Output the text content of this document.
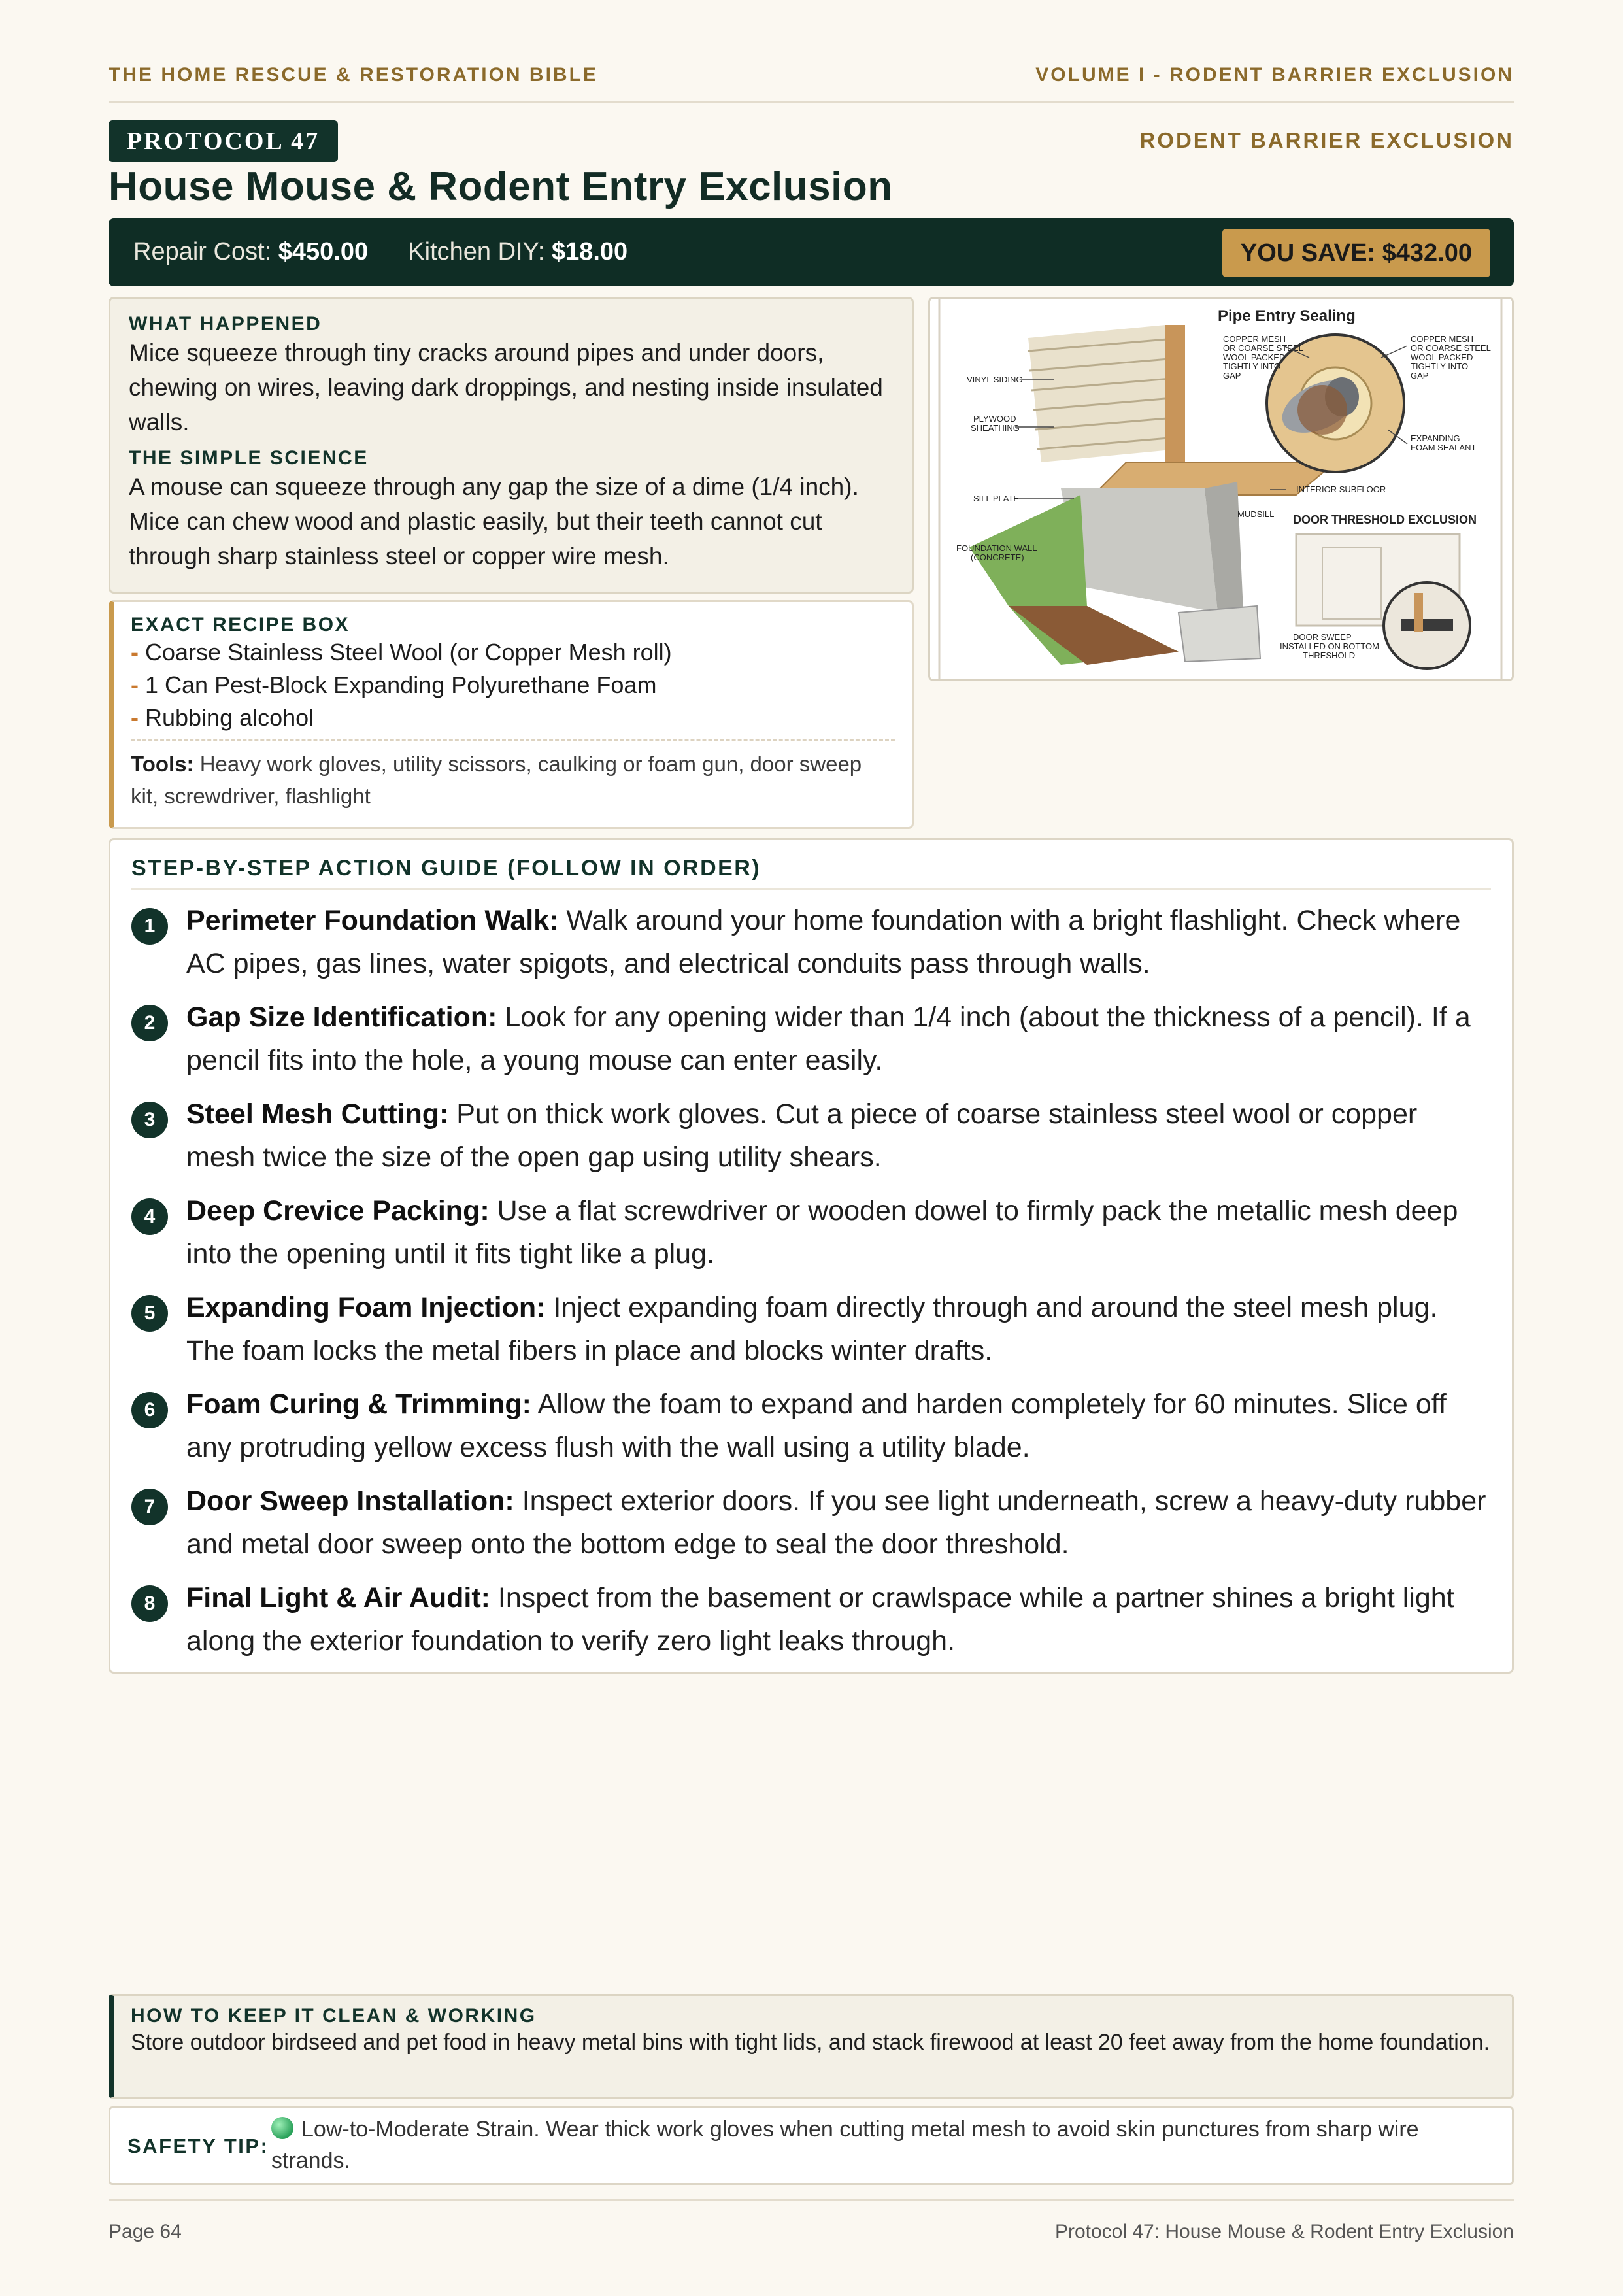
THE HOME RESCUE & RESTORATION BIBLE	VOLUME I - RODENT BARRIER EXCLUSION
PROTOCOL 47	RODENT BARRIER EXCLUSION
House Mouse & Rodent Entry Exclusion
Repair Cost: $450.00 Kitchen DIY: $18.00	YOU SAVE: $432.00
WHAT HAPPENED
Mice squeeze through tiny cracks around pipes and under doors, chewing on wires, leaving dark droppings, and nesting inside insulated walls.
THE SIMPLE SCIENCE
A mouse can squeeze through any gap the size of a dime (1/4 inch). Mice can chew wood and plastic easily, but their teeth cannot cut through sharp stainless steel or copper wire mesh.
EXACT RECIPE BOX
- Coarse Stainless Steel Wool (or Copper Mesh roll)
- 1 Can Pest-Block Expanding Polyurethane Foam
- Rubbing alcohol
Tools: Heavy work gloves, utility scissors, caulking or foam gun, door sweep kit, screwdriver, flashlight
Pipe Entry Sealing
COPPER MESH
OR COARSE STEEL
WOOL PACKED
TIGHTLY INTO
GAP
COPPER MESH
OR COARSE STEEL
WOOL PACKED
TIGHTLY INTO
GAP
VINYL SIDING
PLYWOOD
SHEATHING
EXPANDING
FOAM SEALANT
INTERIOR SUBFLOOR
SILL PLATE
MUDSILL
FOUNDATION WALL
(CONCRETE)
DOOR SWEEP
INSTALLED ON BOTTOM
THRESHOLD
DOOR THRESHOLD EXCLUSION
STEP-BY-STEP ACTION GUIDE (FOLLOW IN ORDER)
1	Perimeter Foundation Walk: Walk around your home foundation with a bright flashlight. Check where AC pipes, gas lines, water spigots, and electrical conduits pass through walls.
2	Gap Size Identification: Look for any opening wider than 1/4 inch (about the thickness of a pencil). If a pencil fits into the hole, a young mouse can enter easily.
3	Steel Mesh Cutting: Put on thick work gloves. Cut a piece of coarse stainless steel wool or copper mesh twice the size of the open gap using utility shears.
4	Deep Crevice Packing: Use a flat screwdriver or wooden dowel to firmly pack the metallic mesh deep into the opening until it fits tight like a plug.
5	Expanding Foam Injection: Inject expanding foam directly through and around the steel mesh plug. The foam locks the metal fibers in place and blocks winter drafts.
6	Foam Curing & Trimming: Allow the foam to expand and harden completely for 60 minutes. Slice off any protruding yellow excess flush with the wall using a utility blade.
7	Door Sweep Installation: Inspect exterior doors. If you see light underneath, screw a heavy-duty rubber and metal door sweep onto the bottom edge to seal the door threshold.
8	Final Light & Air Audit: Inspect from the basement or crawlspace while a partner shines a bright light along the exterior foundation to verify zero light leaks through.
HOW TO KEEP IT CLEAN & WORKING
Store outdoor birdseed and pet food in heavy metal bins with tight lids, and stack firewood at least 20 feet away from the home foundation.
SAFETY TIP:
Low-to-Moderate Strain. Wear thick work gloves when cutting metal mesh to avoid skin punctures from sharp wire strands.
Page 64	Protocol 47: House Mouse & Rodent Entry Exclusion
